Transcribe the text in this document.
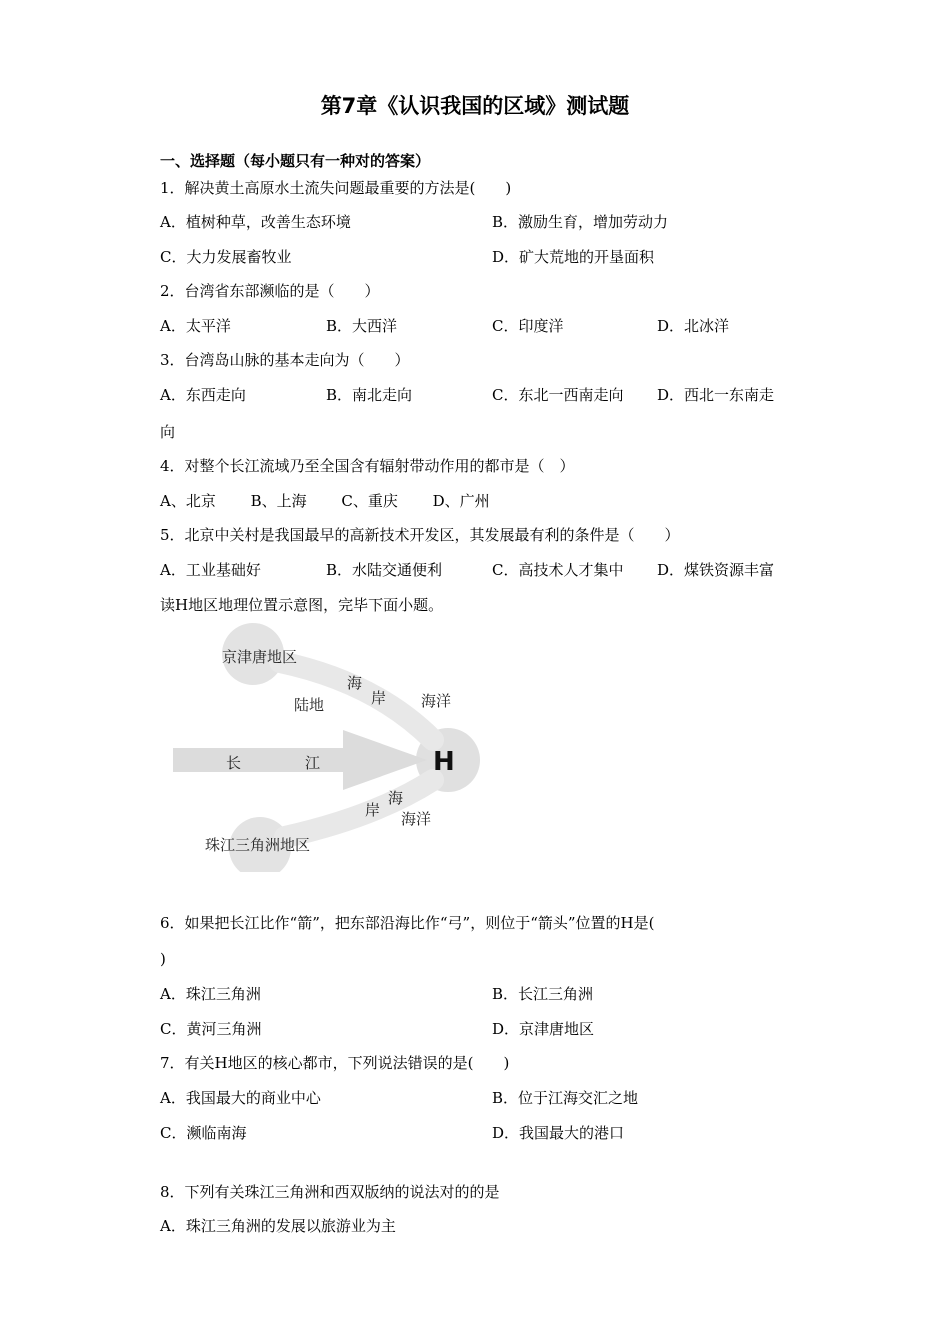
第7章《认识我国的区域》测试题
一、选择题（每小题只有一种对的答案）
1．解决黄土高原水土流失问题最重要的方法是(　　)
A．植树种草，改善生态环境	B．激励生育，增加劳动力
C．大力发展畜牧业	D．矿大荒地的开垦面积
2．台湾省东部濒临的是（　　）
A．太平洋	B．大西洋	C．印度洋	D．北冰洋
3．台湾岛山脉的基本走向为（　　）
A．东西走向	B．南北走向	C．东北一西南走向 D．西北一东南走
向
4．对整个长江流域乃至全国含有辐射带动作用的都市是（　）
A、北京　　 B、上海　　 C、重庆　　 D、广州
5．北京中关村是我国最早的高新技术开发区，其发展最有利的条件是（　　）
A．工业基础好	B．水陆交通便利	C．高技术人才集中 D．煤铁资源丰富
读H地区地理位置示意图，完毕下面小题。
京津唐地区
陆地
海
岸 海洋
长	江	H
岸
海
海洋
珠江三角洲地区
6．如果把长江比作“箭”，把东部沿海比作“弓”，则位于“箭头”位置的H是(
)
A．珠江三角洲	B．长江三角洲
C．黄河三角洲	D．京津唐地区
7．有关H地区的核心都市，下列说法错误的是(　　)
A．我国最大的商业中心	B．位于江海交汇之地
C．濒临南海	D．我国最大的港口
8．下列有关珠江三角洲和西双版纳的说法对的的是
A．珠江三角洲的发展以旅游业为主
